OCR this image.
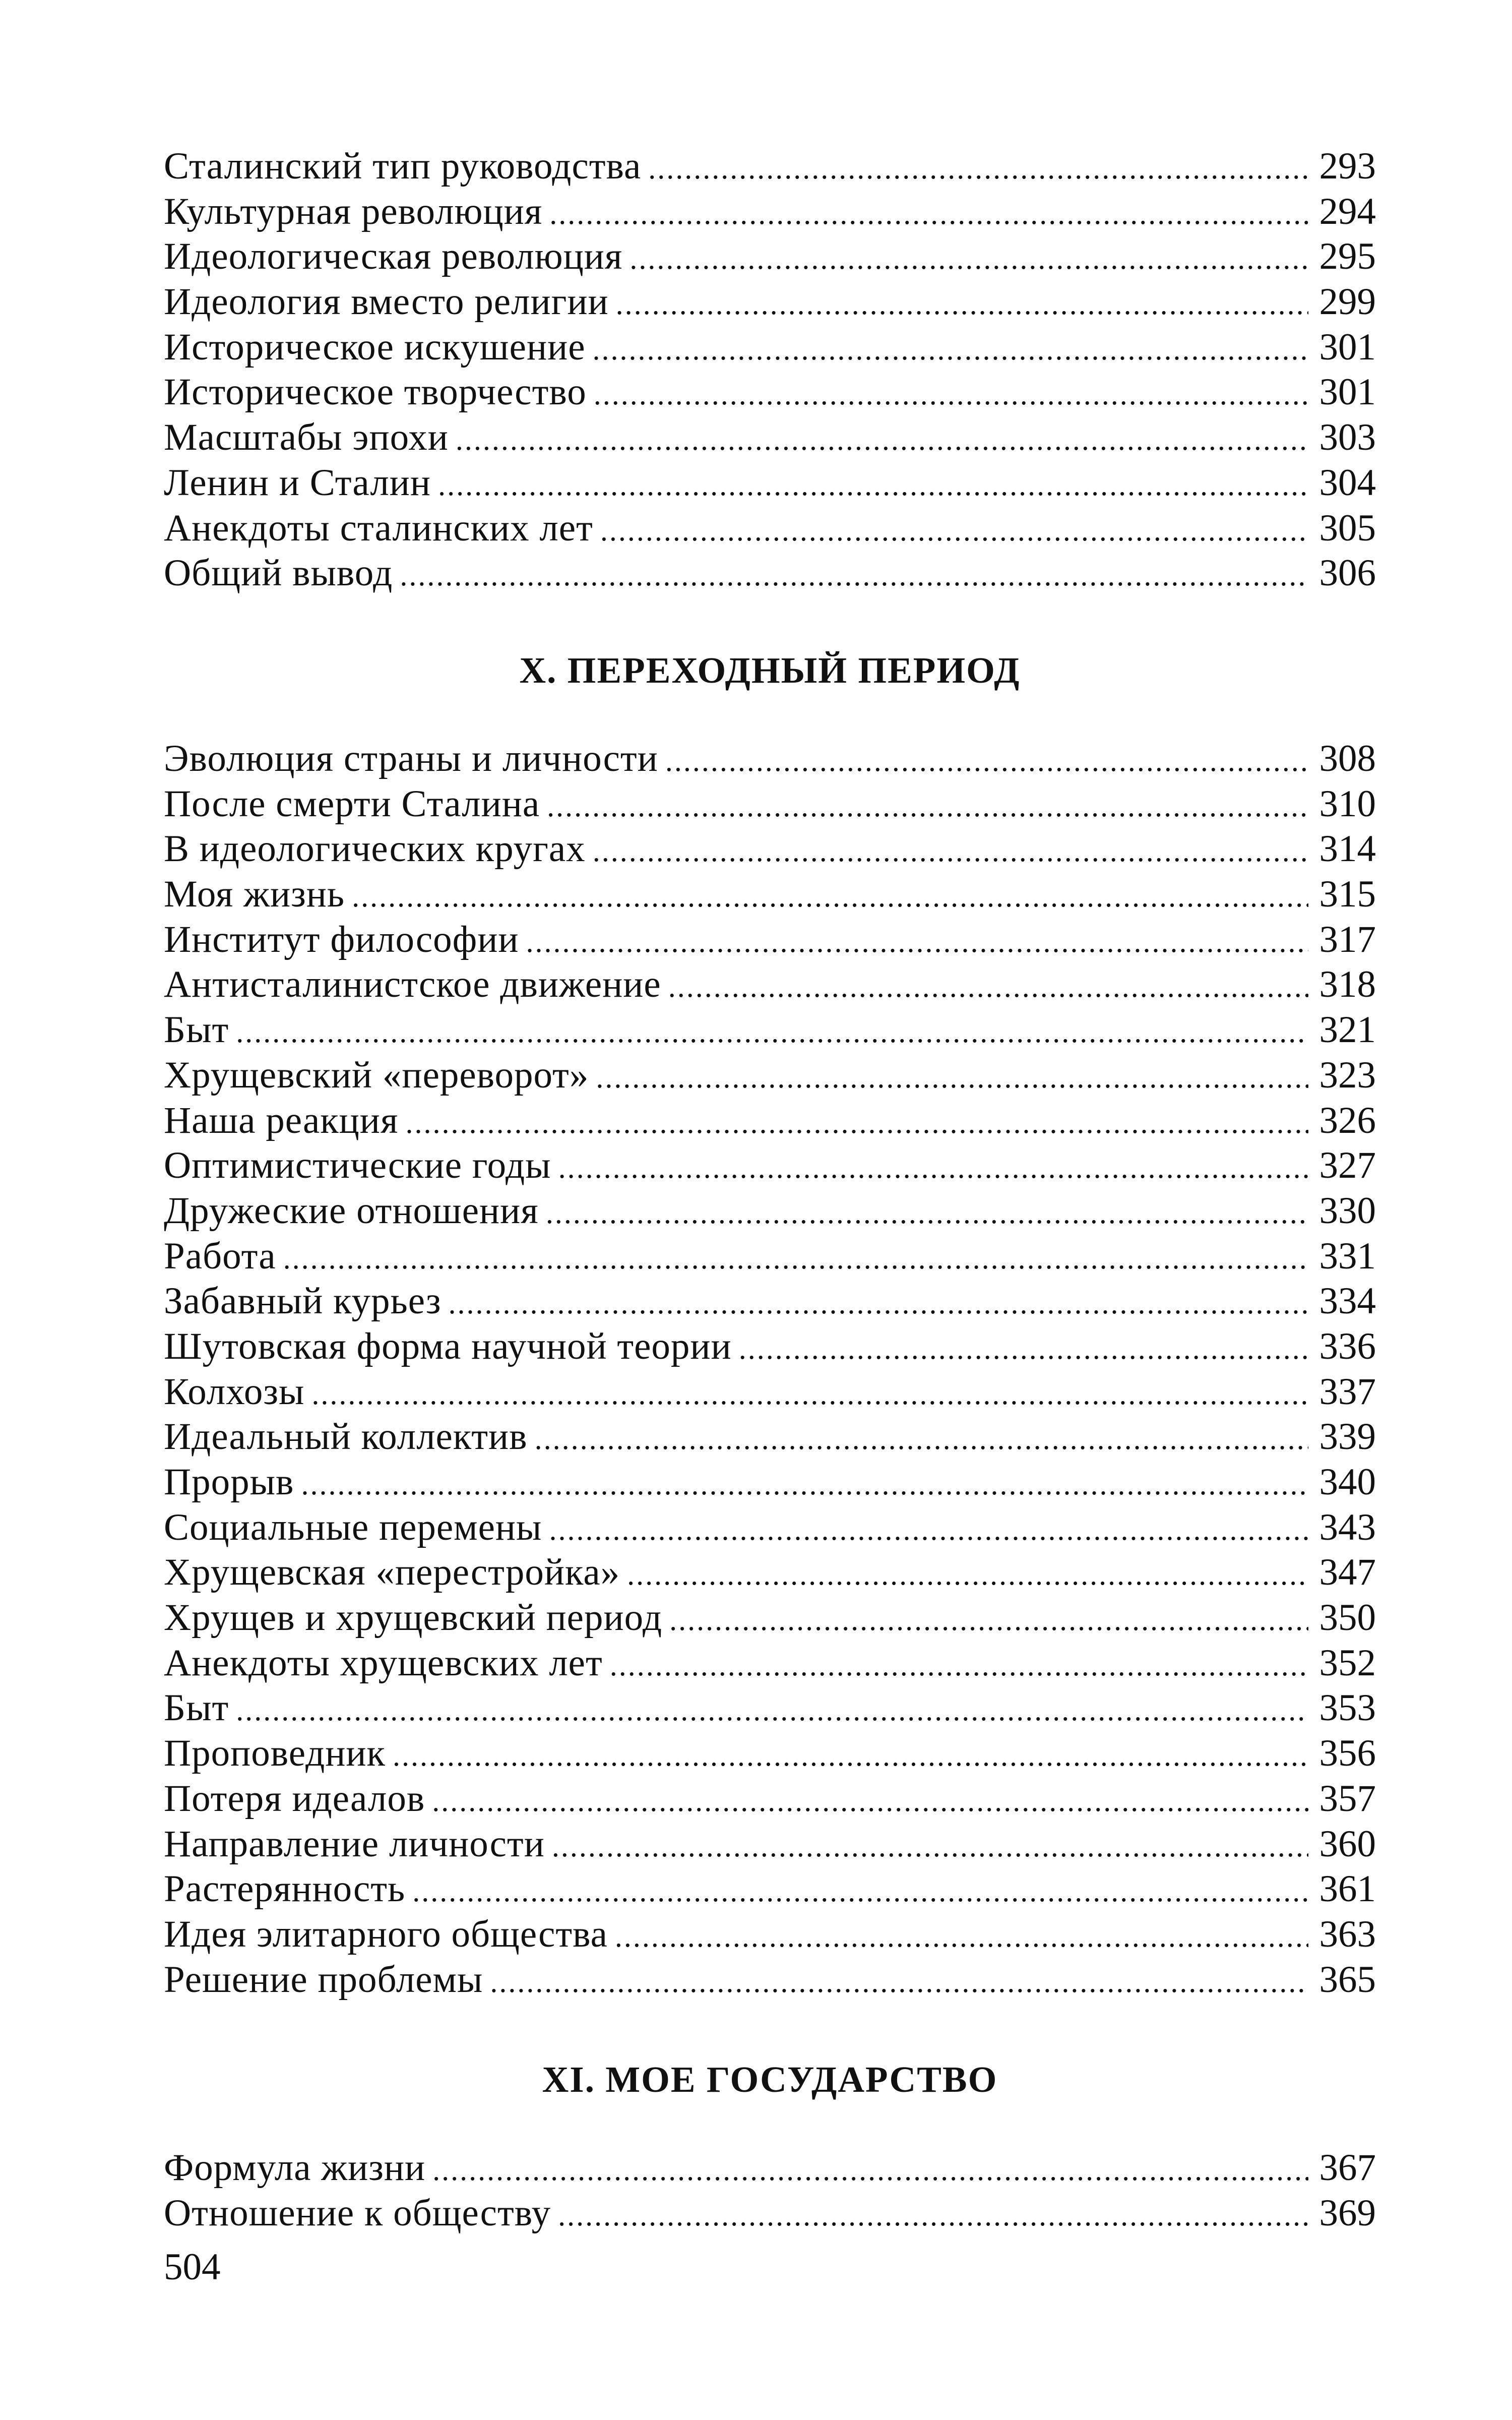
Сталинский тип руководства .....	293
Культурная революция .....	294
Идеологическая революция .....	295
Идеология вместо религии .....	299
Историческое искушение .....	301
Историческое творчество .....	301
Масштабы эпохи .....	303
Ленин и Сталин .....	304
Анекдоты сталинских лет .....	305
Общий вывод .....	306
X. ПЕРЕХОДНЫЙ ПЕРИОД
Эволюция страны и личности .....	308
После смерти Сталина .....	310
В идеологических кругах .....	314
Моя жизнь .....	315
Институт философии .....	317
Антисталинистское движение .....	318
Быт .....	321
Хрущевский «переворот» .....	323
Наша реакция .....	326
Оптимистические годы .....	327
Дружеские отношения .....	330
Работа .....	331
Забавный курьез .....	334
Шутовская форма научной теории .....	336
Колхозы .....	337
Идеальный коллектив .....	339
Прорыв .....	340
Социальные перемены .....	343
Хрущевская «перестройка» .....	347
Хрущев и хрущевский период .....	350
Анекдоты хрущевских лет .....	352
Быт .....	353
Проповедник .....	356
Потеря идеалов .....	357
Направление личности .....	360
Растерянность .....	361
Идея элитарного общества .....	363
Решение проблемы .....	365
XI. МОЕ ГОСУДАРСТВО
Формула жизни .....	367
Отношение к обществу .....	369
504
